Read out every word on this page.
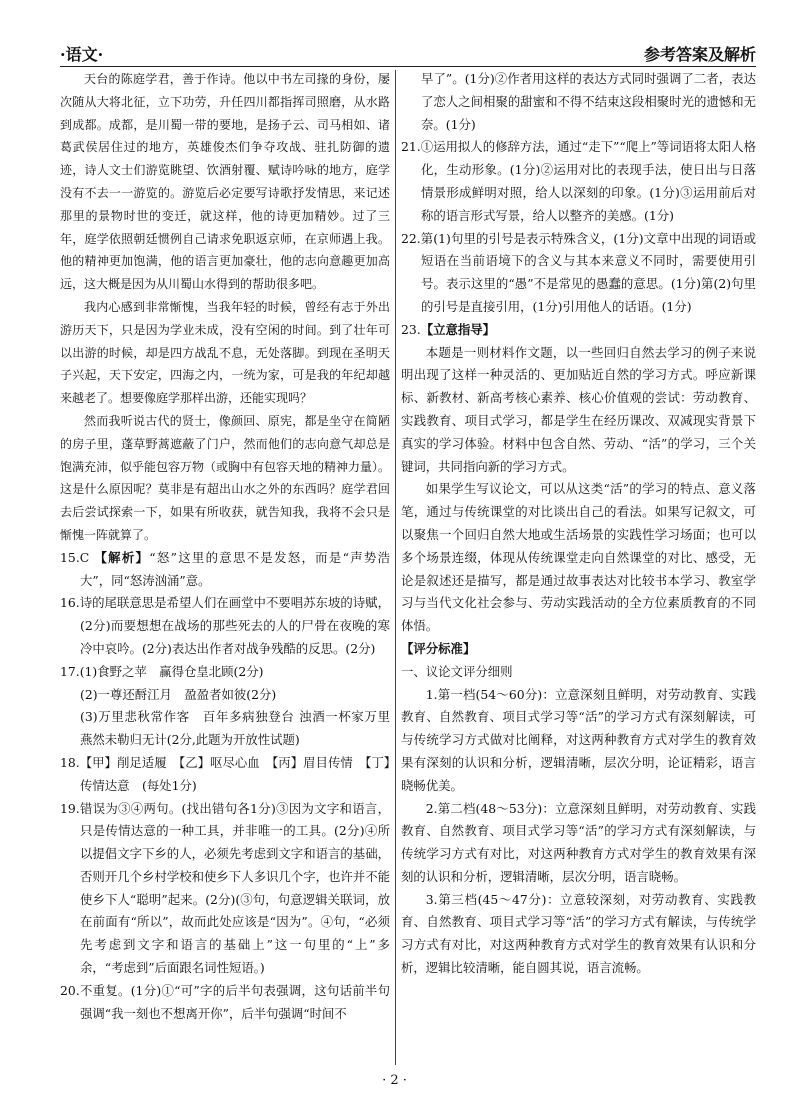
·语文·	参考答案及解析

天台的陈庭学君，善于作诗。他以中书左司掾的身份，屡次随从大将北征，立下功劳，升任四川都指挥司照磨，从水路到成都。成都，是川蜀一带的要地，是扬子云、司马相如、诸葛武侯居住过的地方，英雄俊杰们争夺攻战、驻扎防御的遗迹，诗人文士们游览眺望、饮酒射覆、赋诗吟咏的地方，庭学没有不去一一游览的。游览后必定要写诗歌抒发情思，来记述那里的景物时世的变迁，就这样，他的诗更加精妙。过了三年，庭学依照朝廷惯例自己请求免职返京师，在京师遇上我。他的精神更加饱满，他的语言更加豪壮，他的志向意趣更加高远，这大概是因为从川蜀山水得到的帮助很多吧。

我内心感到非常惭愧，当我年轻的时候，曾经有志于外出游历天下，只是因为学业未成，没有空闲的时间。到了壮年可以出游的时候，却是四方战乱不息，无处落脚。到现在圣明天子兴起，天下安定，四海之内，一统为家，可是我的年纪却越来越老了。想要像庭学那样出游，还能实现吗？

然而我听说古代的贤士，像颜回、原宪，都是坐守在简陋的房子里，蓬草野蒿遮蔽了门户，然而他们的志向意气却总是饱满充沛，似乎能包容万物（或胸中有包容天地的精神力量）。这是什么原因呢？莫非是有超出山水之外的东西吗？庭学君回去后尝试探索一下，如果有所收获，就告知我，我将不会只是惭愧一阵就算了。

15.C 【解析】“怒”这里的意思不是发怒，而是“声势浩大”，同“怒涛汹涌”意。

16.诗的尾联意思是希望人们在画堂中不要唱苏东坡的诗赋，(2分)而要想想在战场的那些死去的人的尸骨在夜晚的寒冷中哀吟。(2分)表达出作者对战争残酷的反思。(2分)

17.(1)食野之苹　赢得仓皇北顾(2分)

(2)一尊还酹江月　盈盈者如彼(2分)

(3)万里悲秋常作客　百年多病独登台 浊酒一杯家万里　燕然未勒归无计(2分,此题为开放性试题)

18.【甲】削足适履　【乙】呕尽心血　【丙】眉目传情　【丁】传情达意　(每处1分)

19.错误为③④两句。(找出错句各1分)③因为文字和语言，只是传情达意的一种工具，并非唯一的工具。(2分)④所以提倡文字下乡的人，必须先考虑到文字和语言的基础，否则开几个乡村学校和使乡下人多识几个字，也许并不能使乡下人“聪明”起来。(2分)(③句，句意逻辑关联词，放在前面有“所以”，故而此处应该是“因为”。④句，“必须先考虑到文字和语言的基础上”这一句里的“上”多余，“考虑到”后面跟名词性短语。)

20.不重复。(1分)①“可”字的后半句表强调，这句话前半句强调“我一刻也不想离开你”，后半句强调“时间不

早了”。(1分)②作者用这样的表达方式同时强调了二者，表达了恋人之间相聚的甜蜜和不得不结束这段相聚时光的遗憾和无奈。(1分)

21.①运用拟人的修辞方法，通过“走下”“爬上”等词语将太阳人格化，生动形象。(1分)②运用对比的表现手法，使日出与日落情景形成鲜明对照，给人以深刻的印象。(1分)③运用前后对称的语言形式写景，给人以整齐的美感。(1分)

22.第(1)句里的引号是表示特殊含义，(1分)文章中出现的词语或短语在当前语境下的含义与其本来意义不同时，需要使用引号。表示这里的“愚”不是常见的愚蠢的意思。(1分)第(2)句里的引号是直接引用，(1分)引用他人的话语。(1分)

23.【立意指导】

本题是一则材料作文题，以一些回归自然去学习的例子来说明出现了这样一种灵活的、更加贴近自然的学习方式。呼应新课标、新教材、新高考核心素养、核心价值观的尝试：劳动教育、实践教育、项目式学习，都是学生在经历课改、双减现实背景下真实的学习体验。材料中包含自然、劳动、“活”的学习，三个关键词，共同指向新的学习方式。

如果学生写议论文，可以从这类“活”的学习的特点、意义落笔，通过与传统课堂的对比谈出自己的看法。如果写记叙文，可以聚焦一个回归自然大地或生活场景的实践性学习场面；也可以多个场景连缀，体现从传统课堂走向自然课堂的对比、感受，无论是叙述还是描写，都是通过故事表达对比较书本学习、教室学习与当代文化社会参与、劳动实践活动的全方位素质教育的不同体悟。

【评分标准】

一、议论文评分细则

1.第一档(54～60分)：立意深刻且鲜明，对劳动教育、实践教育、自然教育、项目式学习等“活”的学习方式有深刻解读，可与传统学习方式做对比阐释，对这两种教育方式对学生的教育效果有深刻的认识和分析，逻辑清晰，层次分明，论证精彩，语言晓畅优美。

2.第二档(48～53分)：立意深刻且鲜明，对劳动教育、实践教育、自然教育、项目式学习等“活”的学习方式有深刻解读，与传统学习方式有对比，对这两种教育方式对学生的教育效果有深刻的认识和分析，逻辑清晰，层次分明，语言晓畅。

3.第三档(45～47分)：立意较深刻，对劳动教育、实践教育、自然教育、项目式学习等“活”的学习方式有解读，与传统学习方式有对比，对这两种教育方式对学生的教育效果有认识和分析，逻辑比较清晰，能自圆其说，语言流畅。

· 2 ·
